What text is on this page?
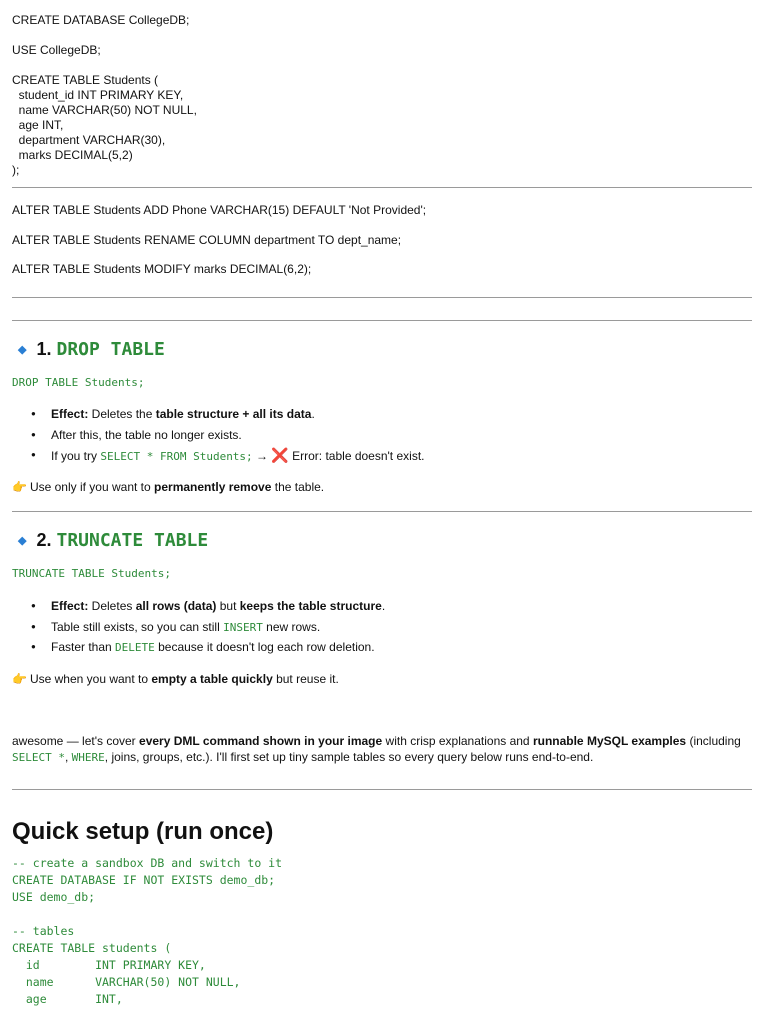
CREATE DATABASE CollegeDB;
USE CollegeDB;
CREATE TABLE Students (
student_id INT PRIMARY KEY,
name VARCHAR(50) NOT NULL,
age INT,
department VARCHAR(30),
marks DECIMAL(5,2)
);
ALTER TABLE Students ADD Phone VARCHAR(15) DEFAULT 'Not Provided';
ALTER TABLE Students RENAME COLUMN department TO dept_name;
ALTER TABLE Students MODIFY marks DECIMAL(6,2);
◆ 1. DROP TABLE
DROP TABLE Students;
● Effect: Deletes the table structure + all its data.
● After this, the table no longer exists.
● If you try SELECT * FROM Students; → ❌ Error: table doesn't exist.
👉 Use only if you want to permanently remove the table.
◆ 2. TRUNCATE TABLE
TRUNCATE TABLE Students;
● Effect: Deletes all rows (data) but keeps the table structure.
● Table still exists, so you can still INSERT new rows.
● Faster than DELETE because it doesn't log each row deletion.
👉 Use when you want to empty a table quickly but reuse it.
awesome — let's cover every DML command shown in your image with crisp explanations and runnable MySQL examples (including
SELECT *, WHERE, joins, groups, etc.). I'll first set up tiny sample tables so every query below runs end-to-end.
Quick setup (run once)
-- create a sandbox DB and switch to it
CREATE DATABASE IF NOT EXISTS demo_db;
USE demo_db;

-- tables
CREATE TABLE students (
id        INT PRIMARY KEY,
name      VARCHAR(50) NOT NULL,
age       INT,
